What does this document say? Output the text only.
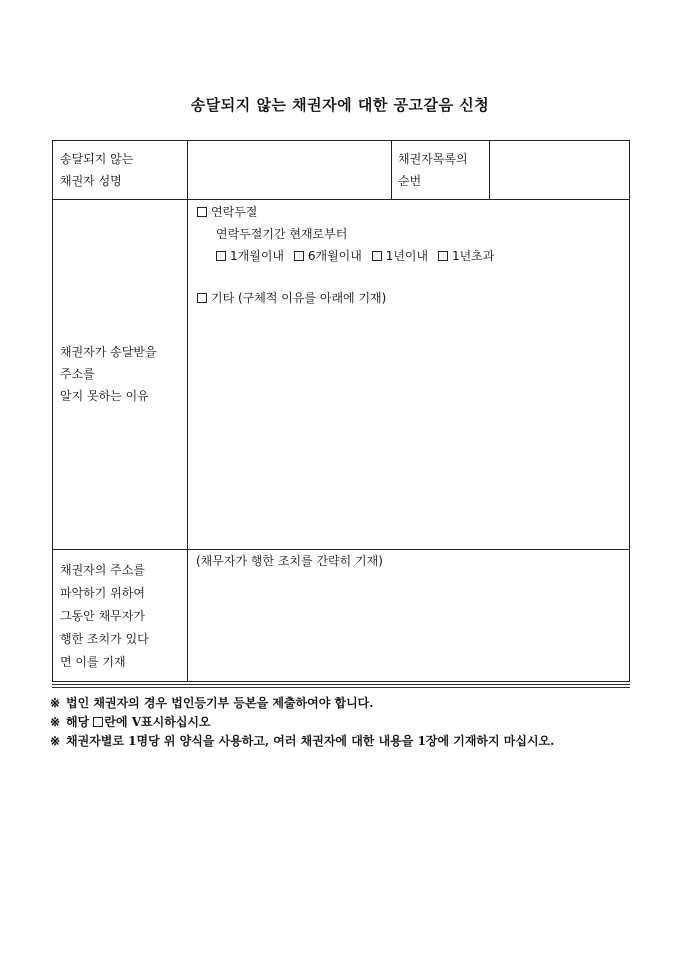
송달되지 않는 채권자에 대한 공고갈음 신청
송달되지 않는
채권자 성명
채권자목록의
순번
채권자가 송달받을
주소를
알지 못하는 이유
연락두절
연락두절기간 현재로부터
1개월이내 6개월이내 1년이내 1년초과
기타 (구체적 이유를 아래에 기재)
채권자의 주소를
파악하기 위하여
그동안 채무자가
행한 조치가 있다
면 이를 기재
(채무자가 행한 조치를 간략히 기재)
※ 법인 채권자의 경우 법인등기부 등본을 제출하여야 합니다.
※ 해당 란에 V표시하십시오
※ 채권자별로 1명당 위 양식을 사용하고, 여러 채권자에 대한 내용을 1장에 기재하지 마십시오.
